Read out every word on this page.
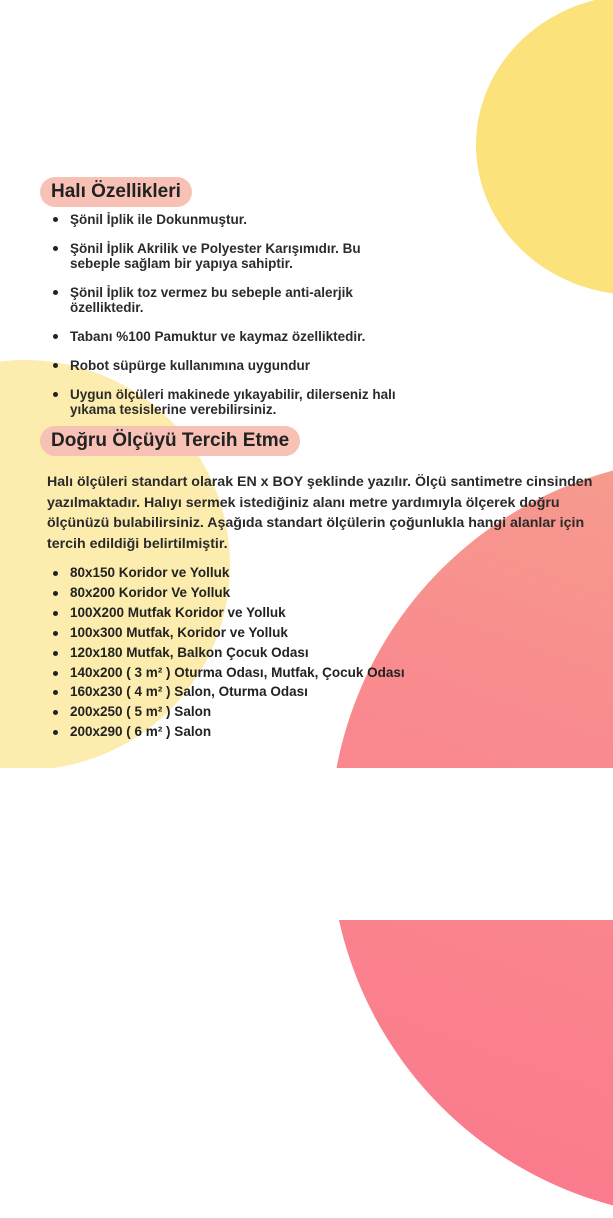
Halı Özellikleri
Şönil İplik ile Dokunmuştur.
Şönil İplik Akrilik ve Polyester Karışımıdır. Bu sebeple sağlam bir yapıya sahiptir.
Şönil İplik toz vermez bu sebeple anti-alerjik özelliktedir.
Tabanı %100 Pamuktur ve kaymaz özelliktedir.
Robot süpürge kullanımına uygundur
Uygun ölçüleri makinede yıkayabilir, dilerseniz halı yıkama tesislerine verebilirsiniz.
Doğru Ölçüyü Tercih Etme

Halı ölçüleri standart olarak EN x BOY şeklinde yazılır. Ölçü santimetre cinsinden yazılmaktadır. Halıyı sermek istediğiniz alanı metre yardımıyla ölçerek doğru ölçünüzü bulabilirsiniz. Aşağıda standart ölçülerin çoğunlukla hangi alanlar için tercih edildiği belirtilmiştir.

80x150 Koridor ve Yolluk
80x200 Koridor Ve Yolluk
100X200 Mutfak Koridor ve Yolluk
100x300 Mutfak, Koridor ve Yolluk
120x180 Mutfak, Balkon Çocuk Odası
140x200 ( 3 m² ) Oturma Odası, Mutfak, Çocuk Odası
160x230 ( 4 m² ) Salon, Oturma Odası
200x250 ( 5 m² ) Salon
200x290 ( 6 m² ) Salon
